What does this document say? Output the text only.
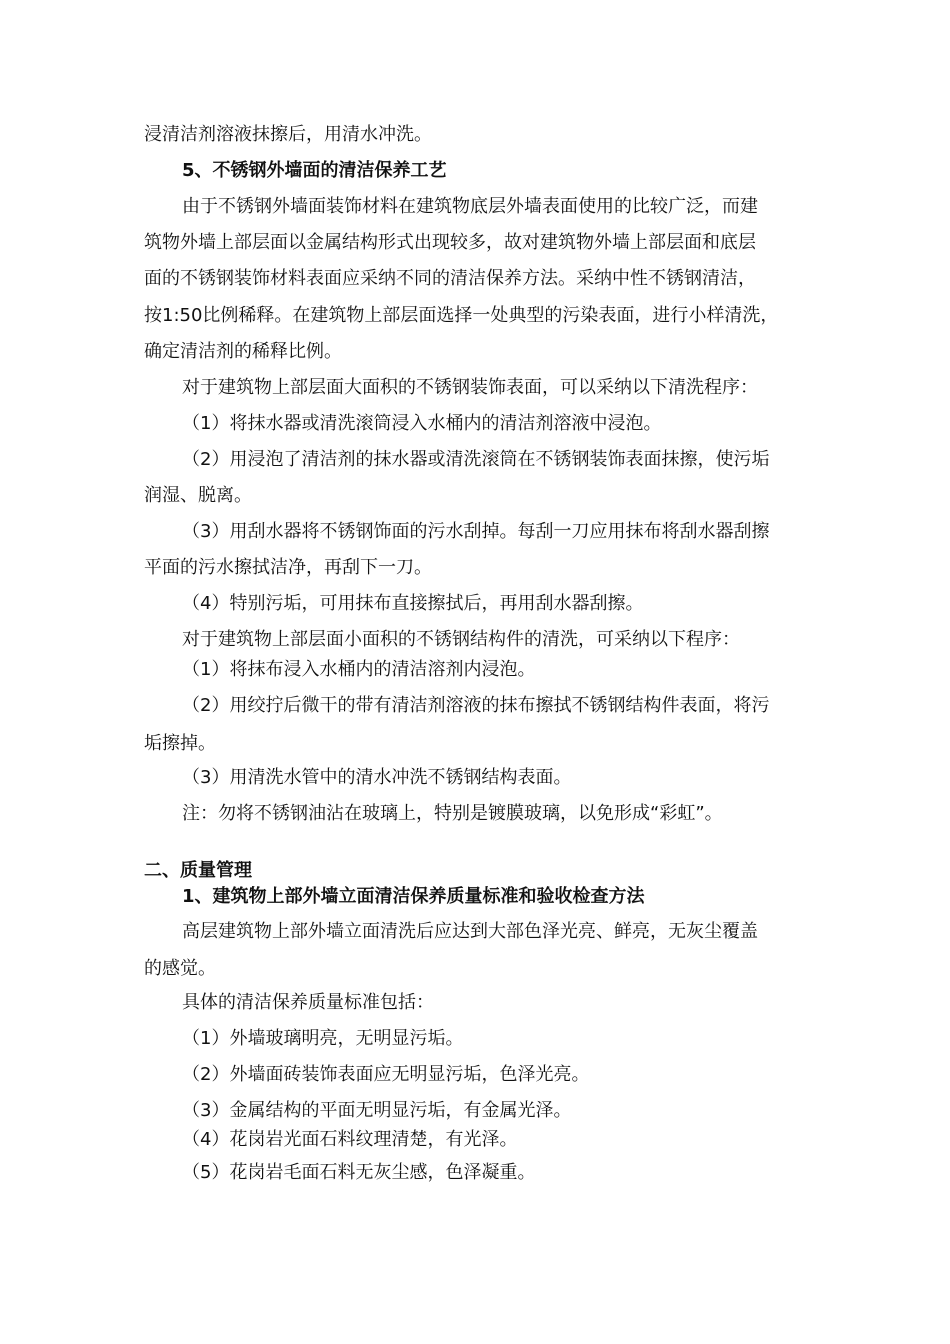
浸清洁剂溶液抹擦后，用清水冲洗。

5、不锈钢外墙面的清洁保养工艺

由于不锈钢外墙面装饰材料在建筑物底层外墙表面使用的比较广泛，而建

筑物外墙上部层面以金属结构形式出现较多，故对建筑物外墙上部层面和底层

面的不锈钢装饰材料表面应采纳不同的清洁保养方法。采纳中性不锈钢清洁，

按1:50比例稀释。在建筑物上部层面选择一处典型的污染表面，进行小样清洗，

确定清洁剂的稀释比例。

对于建筑物上部层面大面积的不锈钢装饰表面，可以采纳以下清洗程序：

（1）将抹水器或清洗滚筒浸入水桶内的清洁剂溶液中浸泡。

（2）用浸泡了清洁剂的抹水器或清洗滚筒在不锈钢装饰表面抹擦，使污垢

润湿、脱离。

（3）用刮水器将不锈钢饰面的污水刮掉。每刮一刀应用抹布将刮水器刮擦

平面的污水擦拭洁净，再刮下一刀。

（4）特别污垢，可用抹布直接擦拭后，再用刮水器刮擦。

对于建筑物上部层面小面积的不锈钢结构件的清洗，可采纳以下程序：

（1）将抹布浸入水桶内的清洁溶剂内浸泡。

（2）用绞拧后微干的带有清洁剂溶液的抹布擦拭不锈钢结构件表面，将污

垢擦掉。

（3）用清洗水管中的清水冲洗不锈钢结构表面。

注：勿将不锈钢油沾在玻璃上，特别是镀膜玻璃，以免形成“彩虹”。

二、质量管理

1、建筑物上部外墙立面清洁保养质量标准和验收检查方法

高层建筑物上部外墙立面清洗后应达到大部色泽光亮、鲜亮，无灰尘覆盖

的感觉。

具体的清洁保养质量标准包括：

（1）外墙玻璃明亮，无明显污垢。

（2）外墙面砖装饰表面应无明显污垢，色泽光亮。

（3）金属结构的平面无明显污垢，有金属光泽。

（4）花岗岩光面石料纹理清楚，有光泽。

（5）花岗岩毛面石料无灰尘感，色泽凝重。
